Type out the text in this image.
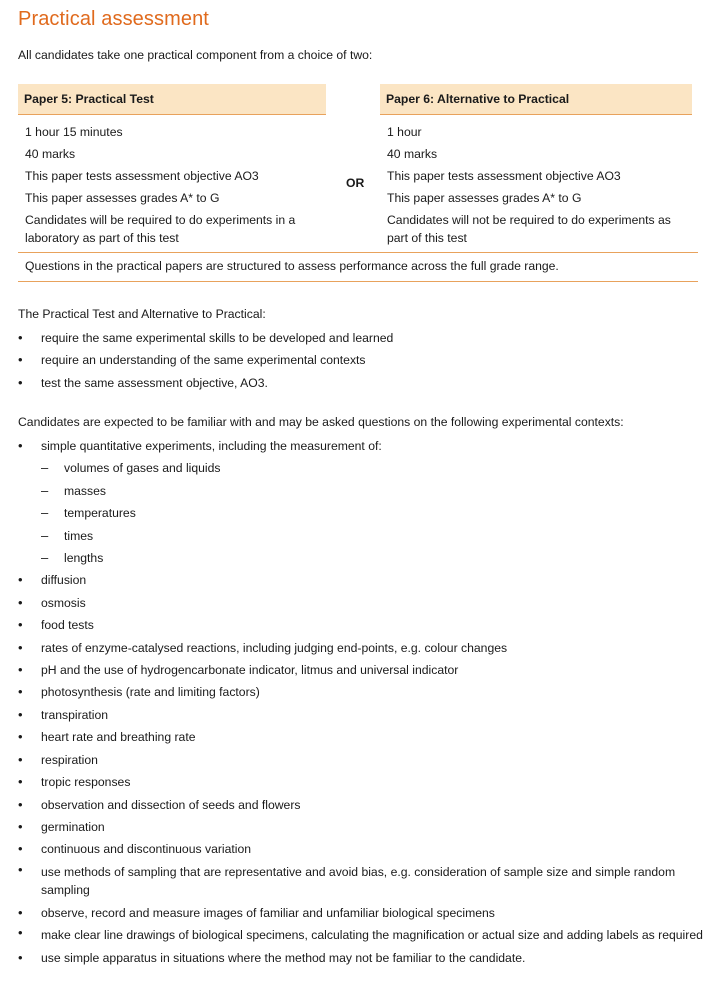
Practical assessment
All candidates take one practical component from a choice of two:
Paper 5: Practical Test
1 hour 15 minutes
40 marks
This paper tests assessment objective AO3
This paper assesses grades A* to G
Candidates will be required to do experiments in a laboratory as part of this test
OR
Paper 6: Alternative to Practical
1 hour
40 marks
This paper tests assessment objective AO3
This paper assesses grades A* to G
Candidates will not be required to do experiments as part of this test
Questions in the practical papers are structured to assess performance across the full grade range.

The Practical Test and Alternative to Practical:

• require the same experimental skills to be developed and learned
• require an understanding of the same experimental contexts
• test the same assessment objective, AO3.

Candidates are expected to be familiar with and may be asked questions on the following experimental contexts:

• simple quantitative experiments, including the measurement of:
– volumes of gases and liquids
– masses
– temperatures
– times
– lengths
• diffusion
• osmosis
• food tests
• rates of enzyme-catalysed reactions, including judging end-points, e.g. colour changes
• pH and the use of hydrogencarbonate indicator, litmus and universal indicator
• photosynthesis (rate and limiting factors)
• transpiration
• heart rate and breathing rate
• respiration
• tropic responses
• observation and dissection of seeds and flowers
• germination
• continuous and discontinuous variation
• use methods of sampling that are representative and avoid bias, e.g. consideration of sample size and simple random sampling
• observe, record and measure images of familiar and unfamiliar biological specimens
• make clear line drawings of biological specimens, calculating the magnification or actual size and adding labels as required
• use simple apparatus in situations where the method may not be familiar to the candidate.
